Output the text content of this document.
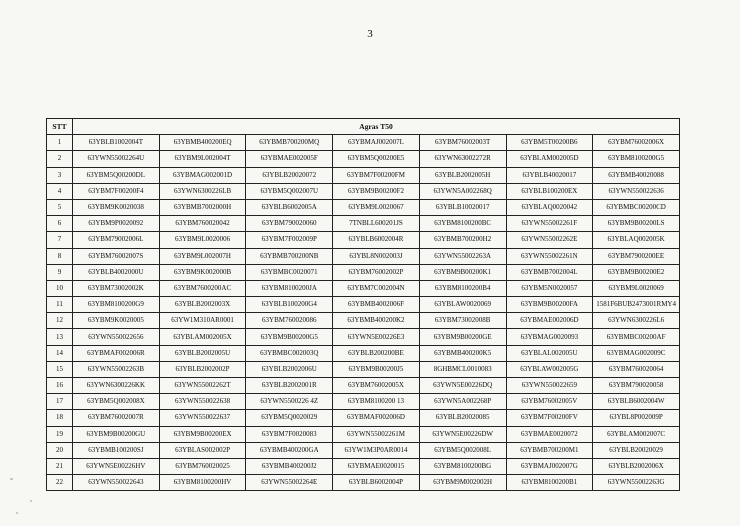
3
STT	Agras T50						
1	63YBLB1002004T	63YBMB400200EQ	63YBMB700200MQ	63YBMAJ002007L	63YBM76002003T	63YBM5T00200B6	63YBM76002006X
2	63YWN55002264U	63YBM9L002004T	63YBMAE002005F	63YBM5Q00200E5	63YWN63002272R	63YBLAM002005D	63YBM8100200G5
3	63YBM5Q00200DL	63YBMAG002001D	63YBLB20020072	63YBM7F00200FM	63YBLB2002005H	63YBLB40020017	63YBMB40020088
4	63YBM7F00200F4	63YWN6300226LB	63YBM5Q002007U	63YBM9B00200F2	63YWN5A002268Q	63YBLB100200EX	63YWN550022636
5	63YBM9K0020038	63YBMB7002000H	63YBLB6002005A	63YBM9L0020067	63YBLB10020017	63YBLAQ0020042	63YBMBC00200CD
6	63YBM9P0020092	63YBM760020042	63YBM790020060	7TNBLL600201JS	63YBM8100200BC	63YWN55002261F	63YBM9B00200LS
7	63YBM79002006L	63YBM9L0020006	63YBM7F002009P	63YBLB6002004R	63YBMB700200H2	63YWN55002262E	63YBLAQ002005K
8	63YBM76002007S	63YBM9L002007H	63YBMB700200NB	63YBL8N002003J	63YWN55002263A	63YWN55002261N	63YBM7900200EE
9	63YBLB4002000U	63YBM9K002000B	63YBMBC0020071	63YBM76002002P	63YBM9B00200K1	63YBMB7002004L	63YBM9B00200E2
10	63YBM73002002K	63YBM7600200AC	63YBM8100200JA	63YBM7C002004N	63YBM8100200B4	63YBM5N0020057	63YBM9L0020069
11	63YBM8100200G9	63YBLB2002003X	63YBLB100200G4	63YBMB4002006F	63YBLAW0020069	63YBM9B00200FA	1581F6BUB2473001RMY4
12	63YBM9K0020005	63YW1M310AR0001	63YBM760020086	63YBMB400200K2	63YBM73002008B	63YBMAE002006D	63YWN6300226L6
13	63YWN550022656	63YBLAM002005X	63YBM9B00200G5	63YWN5E00226E3	63YBM9B00200GE	63YBMAG0020093	63YBMBC00200AF
14	63YBMAF002006R	63YBLB2002005U	63YBMBC002003Q	63YBLB200200BE	63YBMB400200K5	63YBLAL002005U	63YBMAG002009C
15	63YWN55002263B	63YBLB2002002P	63YBLB2002006U	63YBM9B00200J5	8GHBMCL0010083	63YBLAW002005G	63YBM760020064
16	63YWN6300226KK	63YWN55002262T	63YBLB2002001R	63YBM76002005X	63YWN5E00226DQ	63YWN550022659	63YBM790020058
17	63YBM5Q002008X	63YWN550022638	63YWN5500226 4Z	63YBM8100200 13	63YWN5A002268P	63YBM76002005V	63YBLB6002004W
18	63YBM76002007R	63YWN550022637	63YBM5Q0020029	63YBMAF002006D	63YBLB20020085	63YBM7F00200FV	63YBL8P002009P
19	63YBM9B00200GU	63YBM9B00200EX	63YBM7F0020083	63YWN55002261M	63YWN5E00226DW	63YBMAE0020072	63YBLAM002007C
20	63YBMB100200SJ	63YBLAS002002P	63YBMB400200GA	63YW1M3P0AR0014	63YBM5Q002008L	63YBMB700200M1	63YBLB20020029
21	63YWN5E00226HV	63YBM760020025	63YBMB400200J2	63YBMAE0020015	63YBM8100200BG	63YBMAJ002007G	63YBLB2002006X
22	63YWN550022643	63YBM8100200HV	63YWN55002264E	63YBLB6002004P	63YBM9M002002H	63YBM8100200B1	63YWN55002263G
